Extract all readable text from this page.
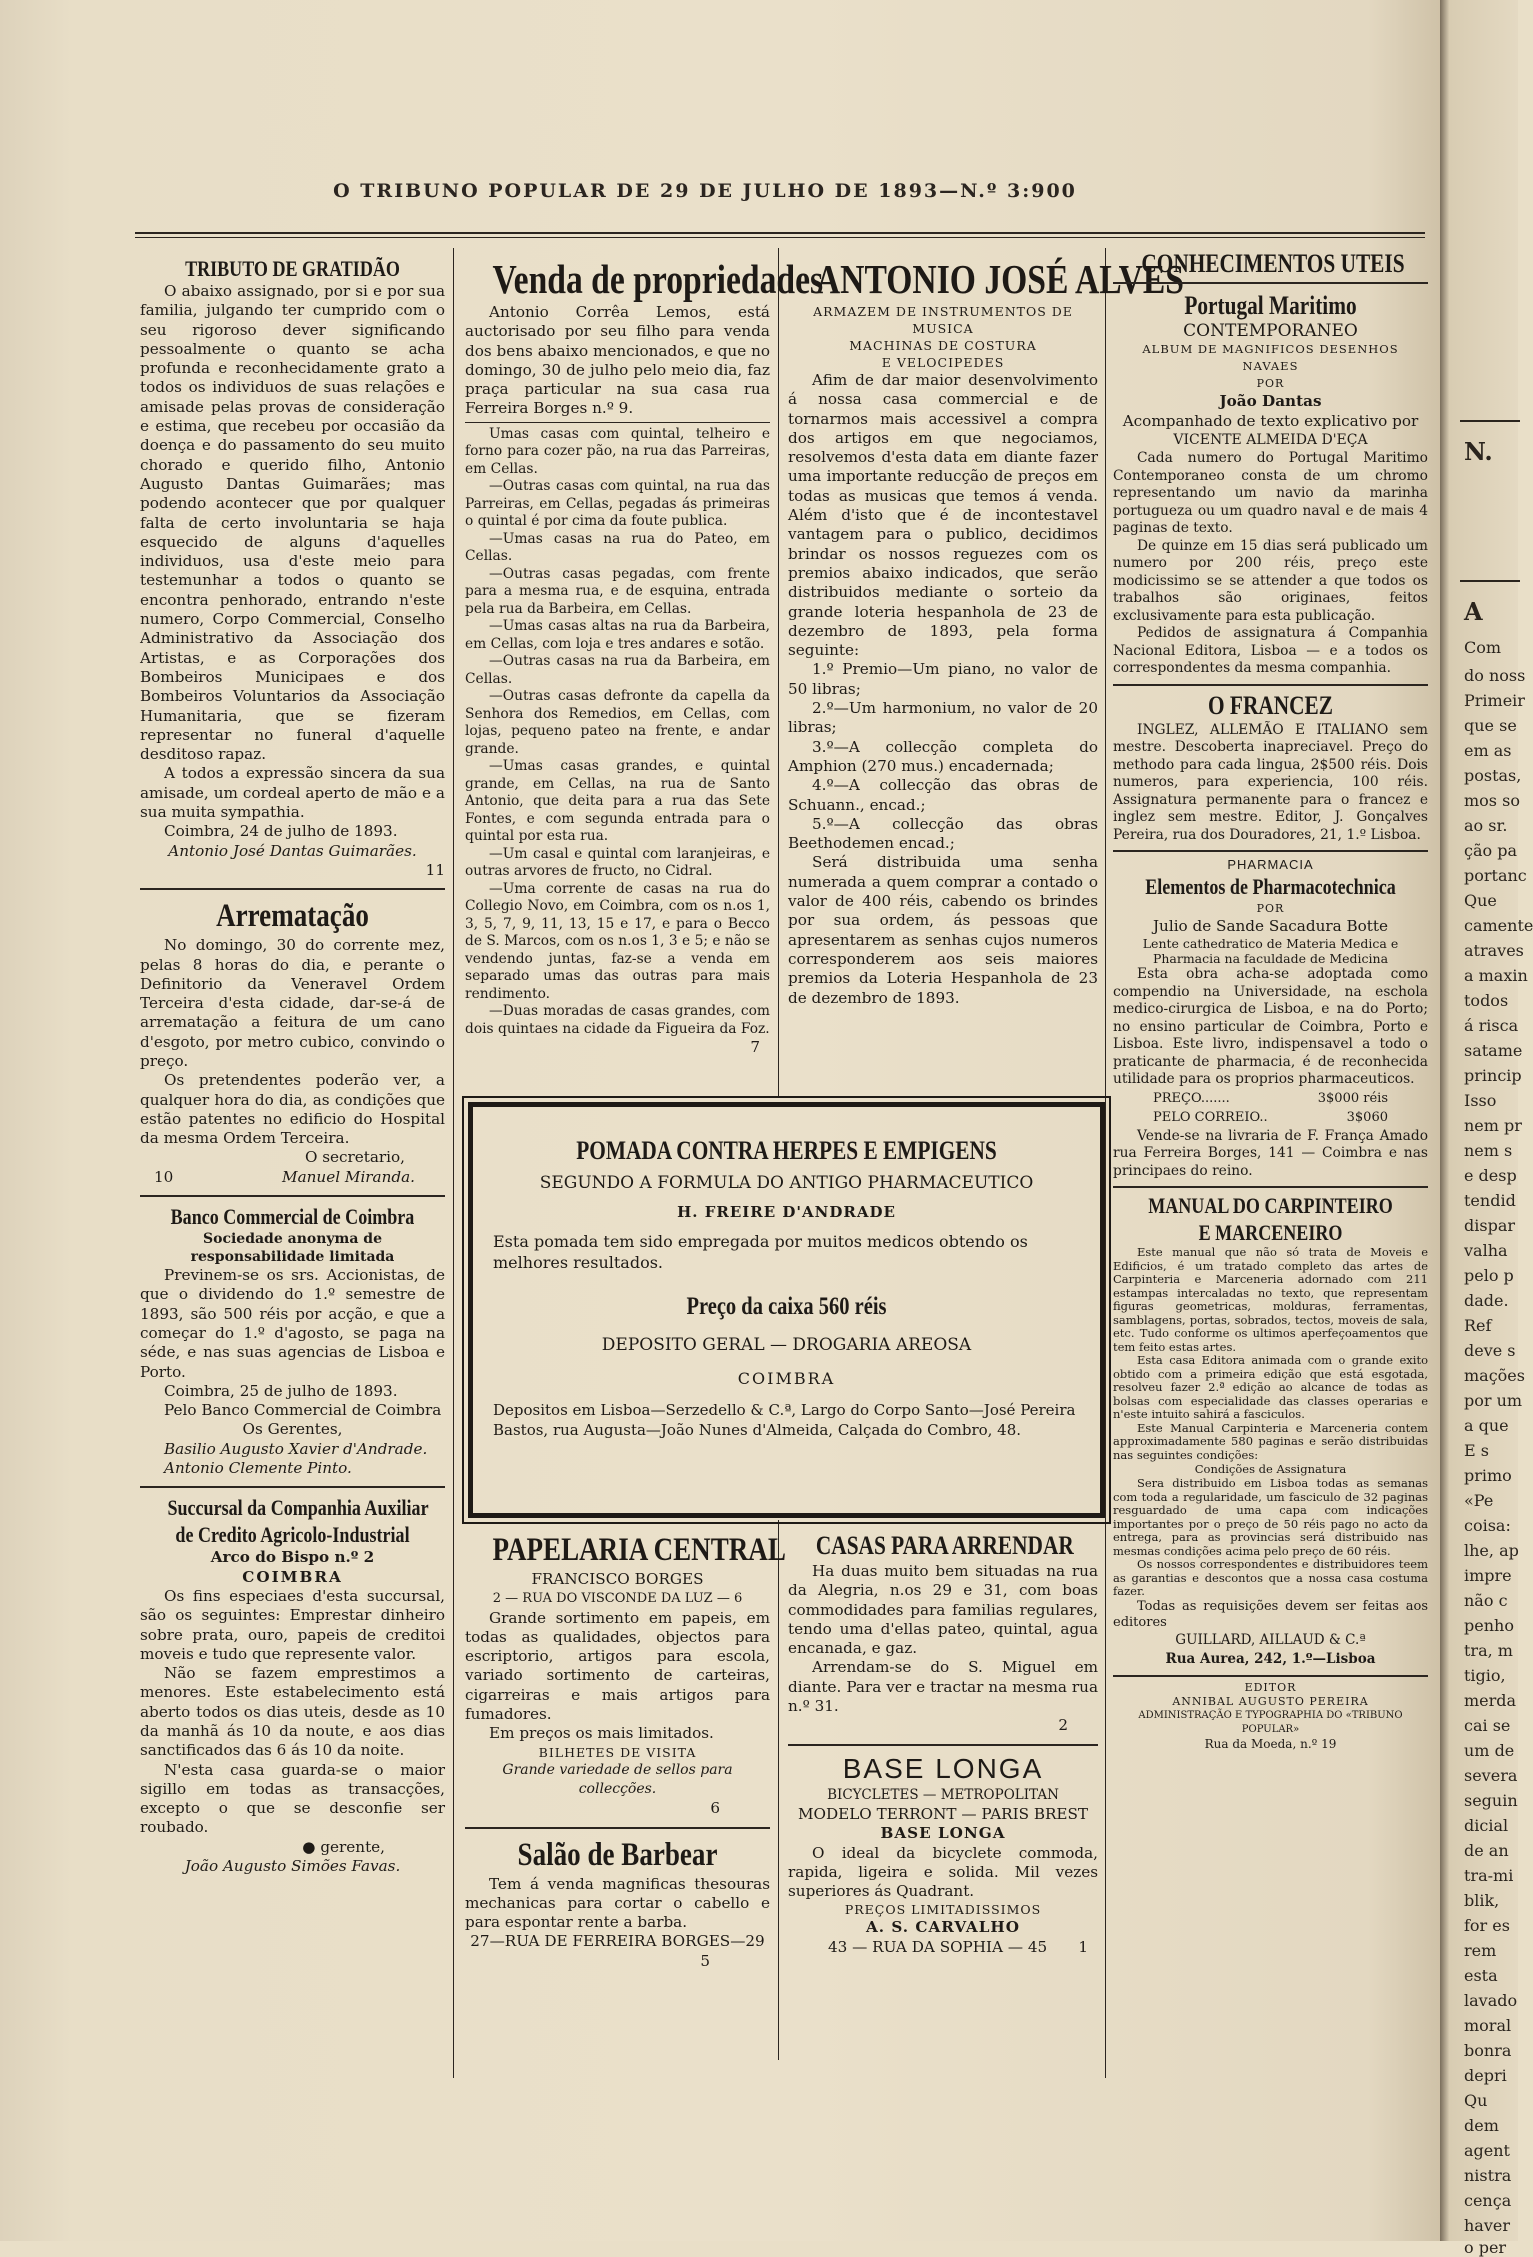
N.
A
Com
do noss
Primeir
que se
em as
postas,
mos so
ao sr.
ção pa
portanc
Que
camente
atraves
a maxin
todos
á risca
satame
princip
Isso
nem pr
nem s
e desp
tendid
dispar
valha
pelo p
dade.
Ref
deve s
mações
por um
a que
E s
primo
«Pe
coisa:
lhe, ap
impre
não c
penho
tra, m
tigio,
merda
cai se
um de
severa
seguin
dicial
de an
tra-mi
blik,
for es
rem
esta
lavado
moral
bonra
depri
Qu
dem
agent
nistra
cença
haver
o per
O TRIBUNO POPULAR DE 29 DE JULHO DE 1893—N.º 3:900
TRIBUTO DE GRATIDÃO

O abaixo assignado, por si e por sua familia, julgando ter cumprido com o seu rigoroso dever significando pessoalmente o quanto se acha profunda e reconhecidamente grato a todos os individuos de suas relações e amisade pelas provas de consideração e estima, que recebeu por occasião da doença e do passamento do seu muito chorado e querido filho, Antonio Augusto Dantas Guimarães; mas podendo acontecer que por qualquer falta de certo involuntaria se haja esquecido de alguns d'aquelles individuos, usa d'este meio para testemunhar a todos o quanto se encontra penhorado, entrando n'este numero, Corpo Commercial, Conselho Administrativo da Associação dos Artistas, e as Corporações dos Bombeiros Municipaes e dos Bombeiros Voluntarios da Associação Humanitaria, que se fizeram representar no funeral d'aquelle desditoso rapaz.

A todos a expressão sincera da sua amisade, um cordeal aperto de mão e a sua muita sympathia.

Coimbra, 24 de julho de 1893.

Antonio José Dantas Guimarães.

11

Arrematação

No domingo, 30 do corrente mez, pelas 8 horas do dia, e perante o Definitorio da Veneravel Ordem Terceira d'esta cidade, dar-se-á de arrematação a feitura de um cano d'esgoto, por metro cubico, convindo o preço.

Os pretendentes poderão ver, a qualquer hora do dia, as condições que estão patentes no edificio do Hospital da mesma Ordem Terceira.

O secretario,

10	Manuel Miranda.
Banco Commercial de Coimbra

Sociedade anonyma de responsabilidade limitada

Previnem-se os srs. Accionistas, de que o dividendo do 1.º semestre de 1893, são 500 réis por acção, e que a começar do 1.º d'agosto, se paga na séde, e nas suas agencias de Lisboa e Porto.

Coimbra, 25 de julho de 1893.

Pelo Banco Commercial de Coimbra

Os Gerentes,

Basilio Augusto Xavier d'Andrade.

Antonio Clemente Pinto.

Succursal da Companhia Auxiliar
de Credito Agricolo-Industrial

Arco do Bispo n.º 2

COIMBRA

Os fins especiaes d'esta succursal, são os seguintes: Emprestar dinheiro sobre prata, ouro, papeis de creditoi moveis e tudo que represente valor.

Não se fazem emprestimos a menores. Este estabelecimento está aberto todos os dias uteis, desde as 10 da manhã ás 10 da noute, e aos dias sanctificados das 6 ás 10 da noite.

N'esta casa guarda-se o maior sigillo em todas as transacções, excepto o que se desconfie ser roubado.

● gerente,

João Augusto Simões Favas.

Venda de propriedades

Antonio Corrêa Lemos, está auctorisado por seu filho para venda dos bens abaixo mencionados, e que no domingo, 30 de julho pelo meio dia, faz praça particular na sua casa rua Ferreira Borges n.º 9.

Umas casas com quintal, telheiro e forno para cozer pão, na rua das Parreiras, em Cellas.

—Outras casas com quintal, na rua das Parreiras, em Cellas, pegadas ás primeiras o quintal é por cima da foute publica.

—Umas casas na rua do Pateo, em Cellas.

—Outras casas pegadas, com frente para a mesma rua, e de esquina, entrada pela rua da Barbeira, em Cellas.

—Umas casas altas na rua da Barbeira, em Cellas, com loja e tres andares e sotão.

—Outras casas na rua da Barbeira, em Cellas.

—Outras casas defronte da capella da Senhora dos Remedios, em Cellas, com lojas, pequeno pateo na frente, e andar grande.

—Umas casas grandes, e quintal grande, em Cellas, na rua de Santo Antonio, que deita para a rua das Sete Fontes, e com segunda entrada para o quintal por esta rua.

—Um casal e quintal com laranjeiras, e outras arvores de fructo, no Cidral.

—Uma corrente de casas na rua do Collegio Novo, em Coimbra, com os n.os 1, 3, 5, 7, 9, 11, 13, 15 e 17, e para o Becco de S. Marcos, com os n.os 1, 3 e 5; e não se vendendo juntas, faz-se a venda em separado umas das outras para mais rendimento.

—Duas moradas de casas grandes, com dois quintaes na cidade da Figueira da Foz.

7

ANTONIO JOSÉ ALVES
ARMAZEM DE INSTRUMENTOS DE MUSICA
MACHINAS DE COSTURA
E VELOCIPEDES

Afim de dar maior desenvolvimento á nossa casa commercial e de tornarmos mais accessivel a compra dos artigos em que negociamos, resolvemos d'esta data em diante fazer uma importante reducção de preços em todas as musicas que temos á venda. Além d'isto que é de incontestavel vantagem para o publico, decidimos brindar os nossos reguezes com os premios abaixo indicados, que serão distribuidos mediante o sorteio da grande loteria hespanhola de 23 de dezembro de 1893, pela forma seguinte:

1.º Premio—Um piano, no valor de 50 libras;

2.º—Um harmonium, no valor de 20 libras;

3.º—A collecção completa do Amphion (270 mus.) encadernada;

4.º—A collecção das obras de Schuann., encad.;

5.º—A collecção das obras Beethodemen encad.;

Será distribuida uma senha numerada a quem comprar a contado o valor de 400 réis, cabendo os brindes por sua ordem, ás pessoas que apresentarem as senhas cujos numeros corresponderem aos seis maiores premios da Loteria Hespanhola de 23 de dezembro de 1893.

POMADA CONTRA HERPES E EMPIGENS
SEGUNDO A FORMULA DO ANTIGO PHARMACEUTICO
H. FREIRE D'ANDRADE
Esta pomada tem sido empregada por muitos medicos obtendo os melhores resultados.
Preço da caixa 560 réis
DEPOSITO GERAL — DROGARIA AREOSA
COIMBRA
Depositos em Lisboa—Serzedello & C.ª, Largo do Corpo Santo—José Pereira Bastos, rua Augusta—João Nunes d'Almeida, Calçada do Combro, 48.
PAPELARIA CENTRAL

FRANCISCO BORGES

2 — RUA DO VISCONDE DA LUZ — 6

Grande sortimento em papeis, em todas as qualidades, objectos para escriptorio, artigos para escola, variado sortimento de carteiras, cigarreiras e mais artigos para fumadores.

Em preços os mais limitados.

BILHETES DE VISITA

Grande variedade de sellos para collecções.

6

Salão de Barbear

Tem á venda magnificas thesouras mechanicas para cortar o cabello e para espontar rente a barba.

27—RUA DE FERREIRA BORGES—29

5

CASAS PARA ARRENDAR

Ha duas muito bem situadas na rua da Alegria, n.os 29 e 31, com boas commodidades para familias regulares, tendo uma d'ellas pateo, quintal, agua encanada, e gaz.

Arrendam-se do S. Miguel em diante. Para ver e tractar na mesma rua n.º 31.

2

BASE LONGA

BICYCLETES — METROPOLITAN

MODELO TERRONT — PARIS BREST

BASE LONGA

O ideal da bicyclete commoda, rapida, ligeira e solida. Mil vezes superiores ás Quadrant.

PREÇOS LIMITADISSIMOS

A. S. CARVALHO

43 — RUA DA SOPHIA — 45 1
CONHECIMENTOS UTEIS
Portugal Maritimo

CONTEMPORANEO

ALBUM DE MAGNIFICOS DESENHOS NAVAES
POR

João Dantas

Acompanhado de texto explicativo por

VICENTE ALMEIDA D'EÇA

Cada numero do Portugal Maritimo Contemporaneo consta de um chromo representando um navio da marinha portugueza ou um quadro naval e de mais 4 paginas de texto.

De quinze em 15 dias será publicado um numero por 200 réis, preço este modicissimo se se attender a que todos os trabalhos são originaes, feitos exclusivamente para esta publicação.

Pedidos de assignatura á Companhia Nacional Editora, Lisboa — e a todos os correspondentes da mesma companhia.

O FRANCEZ

INGLEZ, ALLEMÃO E ITALIANO sem mestre. Descoberta inapreciavel. Preço do methodo para cada lingua, 2$500 réis. Dois numeros, para experiencia, 100 réis. Assignatura permanente para o francez e inglez sem mestre. Editor, J. Gonçalves Pereira, rua dos Douradores, 21, 1.º Lisboa.

PHARMACIA
Elementos de Pharmacotechnica
POR

Julio de Sande Sacadura Botte

Lente cathedratico de Materia Medica e Pharmacia na faculdade de Medicina

Esta obra acha-se adoptada como compendio na Universidade, na eschola medico-cirurgica de Lisboa, e na do Porto; no ensino particular de Coimbra, Porto e Lisboa. Este livro, indispensavel a todo o praticante de pharmacia, é de reconhecida utilidade para os proprios pharmaceuticos.

PREÇO.......	3$000 réis
PELO CORREIO..	3$060

Vende-se na livraria de F. França Amado rua Ferreira Borges, 141 — Coimbra e nas principaes do reino.

MANUAL DO CARPINTEIRO
E MARCENEIRO

Este manual que não só trata de Moveis e Edificios, é um tratado completo das artes de Carpinteria e Marceneria adornado com 211 estampas intercaladas no texto, que representam figuras geometricas, molduras, ferramentas, samblagens, portas, sobrados, tectos, moveis de sala, etc. Tudo conforme os ultimos aperfeçoamentos que tem feito estas artes.

Esta casa Editora animada com o grande exito obtido com a primeira edição que está esgotada, resolveu fazer 2.ª edição ao alcance de todas as bolsas com especialidade das classes operarias e n'este intuito sahirá a fasciculos.

Este Manual Carpinteria e Marceneria contem approximadamente 580 paginas e serão distribuidas nas seguintes condições:

Condições de Assignatura

Sera distribuido em Lisboa todas as semanas com toda a regularidade, um fasciculo de 32 paginas resguardado de uma capa com indicações importantes por o preço de 50 réis pago no acto da entrega, para as provincias será distribuido nas mesmas condições acima pelo preço de 60 réis.

Os nossos correspondentes e distribuidores teem as garantias e descontos que a nossa casa costuma fazer.

Todas as requisições devem ser feitas aos editores

GUILLARD, AILLAUD & C.ª

Rua Aurea, 242, 1.º—Lisboa

EDITOR
ANNIBAL AUGUSTO PEREIRA
ADMINISTRAÇÃO E TYPOGRAPHIA DO «TRIBUNO POPULAR»

Rua da Moeda, n.º 19
